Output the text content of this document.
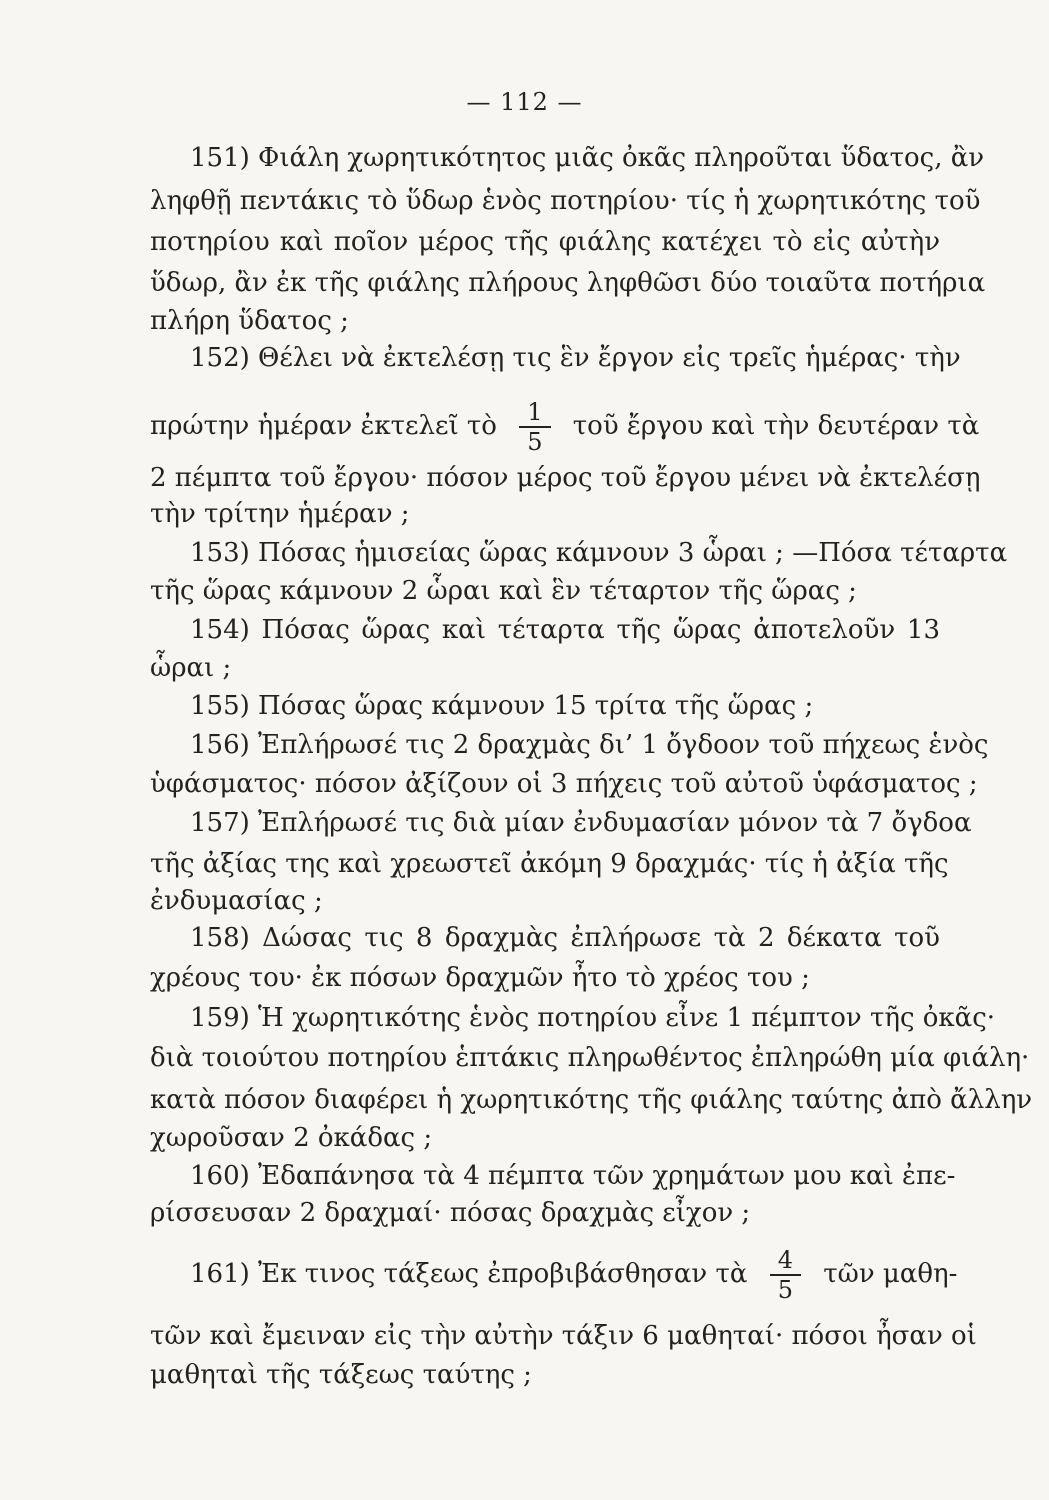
— 112 —
151) Φιάλη χωρητικότητος μιᾶς ὀκᾶς πληροῦται ὕδατος, ἂν
ληφθῇ πεντάκις τὸ ὕδωρ ἑνὸς ποτηρίου· τίς ἡ χωρητικότης τοῦ
ποτηρίου καὶ ποῖον μέρος τῆς φιάλης κατέχει τὸ εἰς αὐτὴν
ὕδωρ, ἂν ἐκ τῆς φιάλης πλήρους ληφθῶσι δύο τοιαῦτα ποτήρια
πλήρη ὕδατος ;
152) Θέλει νὰ ἐκτελέσῃ τις ἓν ἔργον εἰς τρεῖς ἡμέρας· τὴν
πρώτην ἡμέραν ἐκτελεῖ τὸ $\frac{1}{5}$ τοῦ ἔργου καὶ τὴν δευτέραν τὰ
2 πέμπτα τοῦ ἔργου· πόσον μέρος τοῦ ἔργου μένει νὰ ἐκτελέσῃ
τὴν τρίτην ἡμέραν ;
153) Πόσας ἡμισείας ὥρας κάμνουν 3 ὧραι ; —Πόσα τέταρτα
τῆς ὥρας κάμνουν 2 ὧραι καὶ ἓν τέταρτον τῆς ὥρας ;
154) Πόσας ὥρας καὶ τέταρτα τῆς ὥρας ἀποτελοῦν 13
ὧραι ;
155) Πόσας ὥρας κάμνουν 15 τρίτα τῆς ὥρας ;
156) Ἐπλήρωσέ τις 2 δραχμὰς δι’ 1 ὄγδοον τοῦ πήχεως ἑνὸς
ὑφάσματος· πόσον ἀξίζουν οἱ 3 πήχεις τοῦ αὐτοῦ ὑφάσματος ;
157) Ἐπλήρωσέ τις διὰ μίαν ἐνδυμασίαν μόνον τὰ 7 ὄγδοα
τῆς ἀξίας της καὶ χρεωστεῖ ἀκόμη 9 δραχμάς· τίς ἡ ἀξία τῆς
ἐνδυμασίας ;
158) Δώσας τις 8 δραχμὰς ἐπλήρωσε τὰ 2 δέκατα τοῦ
χρέους του· ἐκ πόσων δραχμῶν ἦτο τὸ χρέος του ;
159) Ἡ χωρητικότης ἑνὸς ποτηρίου εἶνε 1 πέμπτον τῆς ὀκᾶς·
διὰ τοιούτου ποτηρίου ἑπτάκις πληρωθέντος ἐπληρώθη μία φιάλη·
κατὰ πόσον διαφέρει ἡ χωρητικότης τῆς φιάλης ταύτης ἀπὸ ἄλλην
χωροῦσαν 2 ὀκάδας ;
160) Ἐδαπάνησα τὰ 4 πέμπτα τῶν χρημάτων μου καὶ ἐπε-
ρίσσευσαν 2 δραχμαί· πόσας δραχμὰς εἶχον ;
161) Ἐκ τινος τάξεως ἐπροβιβάσθησαν τὰ $\frac{4}{5}$ τῶν μαθη-
τῶν καὶ ἔμειναν εἰς τὴν αὐτὴν τάξιν 6 μαθηταί· πόσοι ἦσαν οἱ
μαθηταὶ τῆς τάξεως ταύτης ;
